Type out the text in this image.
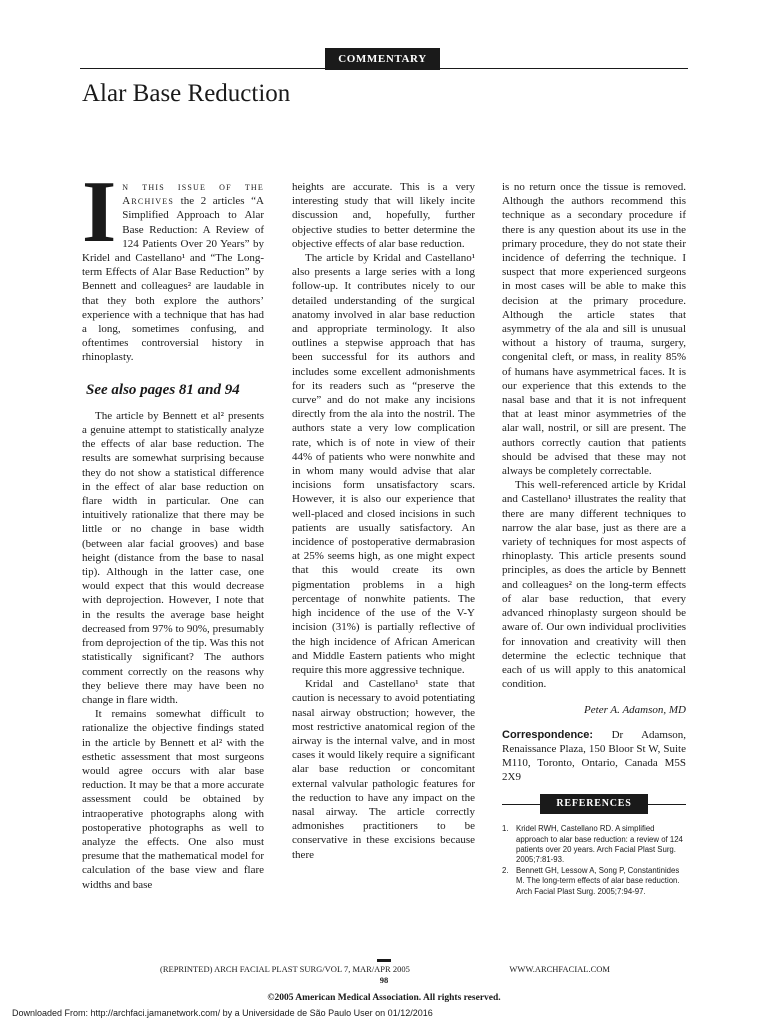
COMMENTARY
Alar Base Reduction
I n this issue of the Archives the 2 articles “A Simplified Approach to Alar Base Reduction: A Review of 124 Patients Over 20 Years” by Kridel and Castellano¹ and “The Long-term Effects of Alar Base Reduction” by Bennett and colleagues² are laudable in that they both explore the authors’ experience with a technique that has had a long, sometimes confusing, and oftentimes controversial history in rhinoplasty.

See also pages 81 and 94

The article by Bennett et al² presents a genuine attempt to statistically analyze the effects of alar base reduction. The results are somewhat surprising because they do not show a statistical difference in the effect of alar base reduction on flare width in particular. One can intuitively rationalize that there may be little or no change in base width (between alar facial grooves) and base height (distance from the base to nasal tip). Although in the latter case, one would expect that this would decrease with deprojection. However, I note that in the results the average base height decreased from 97% to 90%, presumably from deprojection of the tip. Was this not statistically significant? The authors comment correctly on the reasons why they believe there may have been no change in flare width.

It remains somewhat difficult to rationalize the objective findings stated in the article by Bennett et al² with the esthetic assessment that most surgeons would agree occurs with alar base reduction. It may be that a more accurate assessment could be obtained by intraoperative photographs along with postoperative photographs as well to analyze the effects. One also must presume that the mathematical model for calculation of the base view and flare widths and base

heights are accurate. This is a very interesting study that will likely incite discussion and, hopefully, further objective studies to better determine the objective effects of alar base reduction.

The article by Kridal and Castellano¹ also presents a large series with a long follow-up. It contributes nicely to our detailed understanding of the surgical anatomy involved in alar base reduction and appropriate terminology. It also outlines a stepwise approach that has been successful for its authors and includes some excellent admonishments for its readers such as “preserve the curve” and do not make any incisions directly from the ala into the nostril. The authors state a very low complication rate, which is of note in view of their 44% of patients who were nonwhite and in whom many would advise that alar incisions form unsatisfactory scars. However, it is also our experience that well-placed and closed incisions in such patients are usually satisfactory. An incidence of postoperative dermabrasion at 25% seems high, as one might expect that this would create its own pigmentation problems in a high percentage of nonwhite patients. The high incidence of the use of the V-Y incision (31%) is partially reflective of the high incidence of African American and Middle Eastern patients who might require this more aggressive technique.

Kridal and Castellano¹ state that caution is necessary to avoid potentiating nasal airway obstruction; however, the most restrictive anatomical region of the airway is the internal valve, and in most cases it would likely require a significant alar base reduction or concomitant external valvular pathologic features for the reduction to have any impact on the nasal airway. The article correctly admonishes practitioners to be conservative in these excisions because there

is no return once the tissue is removed. Although the authors recommend this technique as a secondary procedure if there is any question about its use in the primary procedure, they do not state their incidence of deferring the technique. I suspect that more experienced surgeons in most cases will be able to make this decision at the primary procedure. Although the article states that asymmetry of the ala and sill is unusual without a history of trauma, surgery, congenital cleft, or mass, in reality 85% of humans have asymmetrical faces. It is our experience that this extends to the nasal base and that it is not infrequent that at least minor asymmetries of the alar wall, nostril, or sill are present. The authors correctly caution that patients should be advised that these may not always be completely correctable.

This well-referenced article by Kridal and Castellano¹ illustrates the reality that there are many different techniques to narrow the alar base, just as there are a variety of techniques for most aspects of rhinoplasty. This article presents sound principles, as does the article by Bennett and colleagues² on the long-term effects of alar base reduction, that every advanced rhinoplasty surgeon should be aware of. Our own individual proclivities for innovation and creativity will then determine the eclectic technique that each of us will apply to this anatomical condition.

Peter A. Adamson, MD

Correspondence: Dr Adamson, Renaissance Plaza, 150 Bloor St W, Suite M110, Toronto, Ontario, Canada M5S 2X9

REFERENCES
1. Kridel RWH, Castellano RD. A simplified approach to alar base reduction: a review of 124 patients over 20 years. Arch Facial Plast Surg. 2005;7:81-93.
2. Bennett GH, Lessow A, Song P, Constantinides M. The long-term effects of alar base reduction. Arch Facial Plast Surg. 2005;7:94-97.
(REPRINTED) ARCH FACIAL PLAST SURG/VOL 7, MAR/APR 2005	WWW.ARCHFACIAL.COM
98
©2005 American Medical Association. All rights reserved.
Downloaded From: http://archfaci.jamanetwork.com/ by a Universidade de São Paulo User on 01/12/2016
